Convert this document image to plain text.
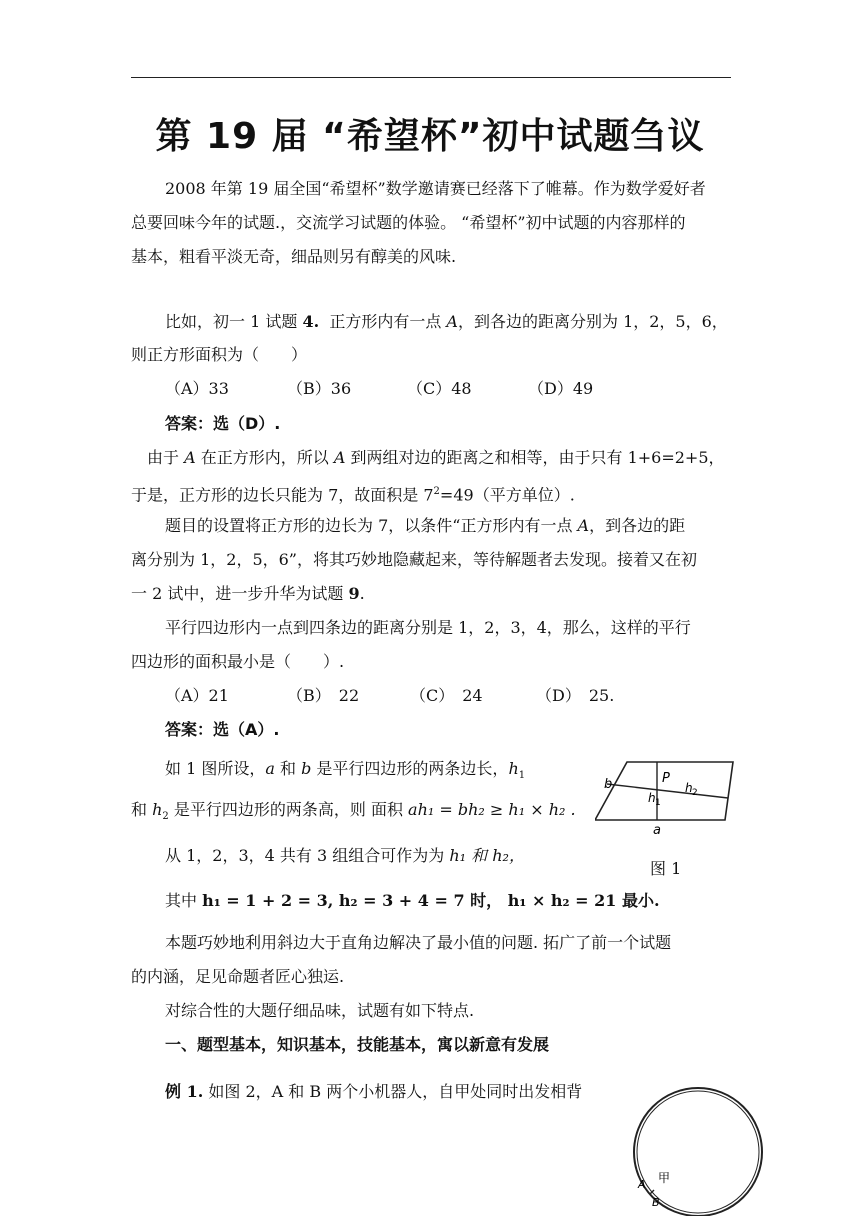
第 19 届 “希望杯”初中试题刍议
2008 年第 19 届全国“希望杯”数学邀请赛已经落下了帷幕。作为数学爱好者
总要回味今年的试题.，交流学习试题的体验。 “希望杯”初中试题的内容那样的
基本，粗看平淡无奇，细品则另有醇美的风味.
比如，初一 1 试题 4. 正方形内有一点 A，到各边的距离分别为 1，2，5，6，
则正方形面积为（　　）
（A）33	（B）36	（C）48	（D）49
答案：选（D）.
由于 A 在正方形内，所以 A 到两组对边的距离之和相等，由于只有 1+6=2+5，
于是，正方形的边长只能为 7，故面积是 $7^2=49$（平方单位）.
题目的设置将正方形的边长为 7，以条件“正方形内有一点 A，到各边的距
离分别为 1，2，5，6”，将其巧妙地隐藏起来，等待解题者去发现。接着又在初
一 2 试中，进一步升华为试题 9.
平行四边形内一点到四条边的距离分别是 1，2，3，4，那么，这样的平行
四边形的面积最小是（　　）.
（A）21	（B）　22	（C）　24	（D）　25.
答案：选（A）.
如 1 图所设，a 和 b 是平行四边形的两条边长，$h_1$
和 $h_2$ 是平行四边形的两条高，则 面积 ah₁ = bh₂ ≥ h₁ × h₂ .
从 1，2，3，4 共有 3 组组合可作为为 h₁ 和 h₂，
其中 h₁ = 1 + 2 = 3, h₂ = 3 + 4 = 7 时， h₁ × h₂ = 21 最小.
b	P
h 1
h 2
a
图 1
本题巧妙地利用斜边大于直角边解决了最小值的问题. 拓广了前一个试题
的内涵，足见命题者匠心独运.
对综合性的大题仔细品味，试题有如下特点.
一、题型基本，知识基本，技能基本，寓以新意有发展
例 1. 如图 2，A 和 B 两个小机器人，自甲处同时出发相背
甲
A
B
